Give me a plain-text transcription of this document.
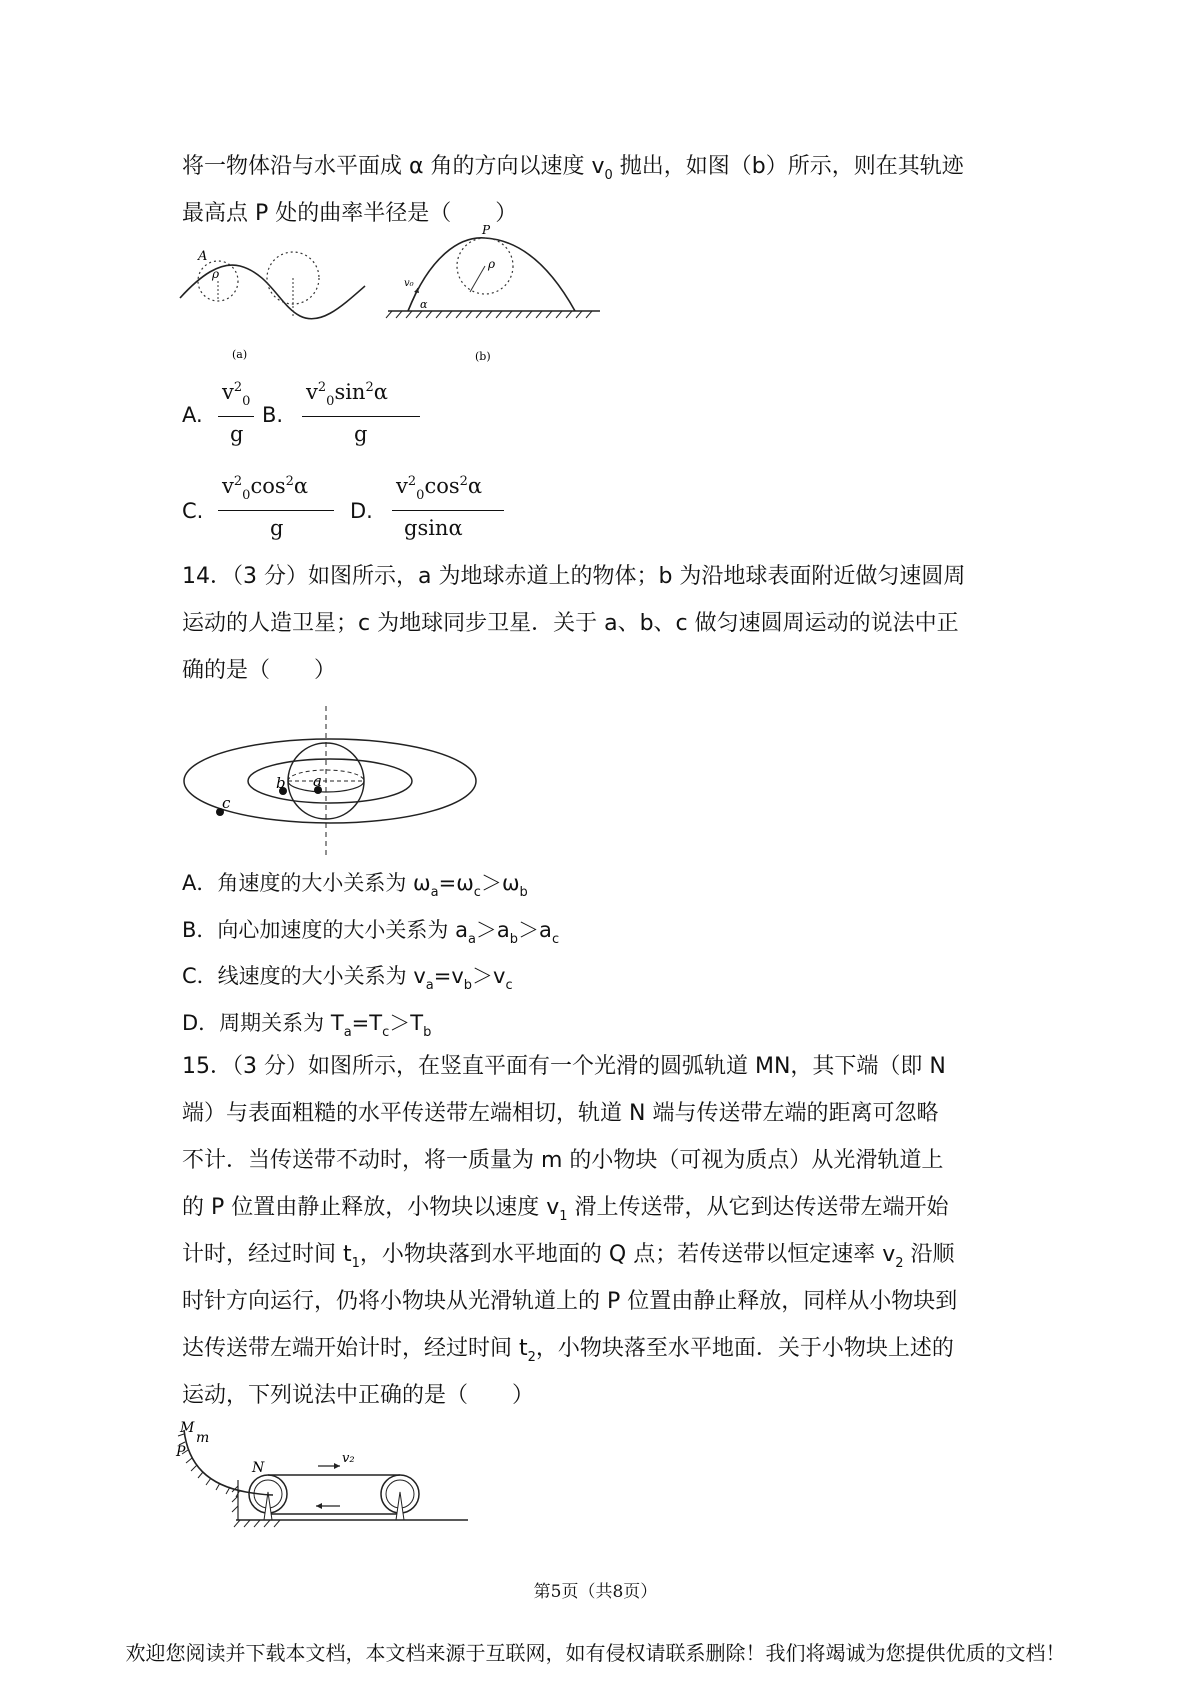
将一物体沿与水平面成 α 角的方向以速度 $v_0$ 抛出，如图（b）所示，则在其轨迹
最高点 P 处的曲率半径是（　　）
A
ρ
(a)
P
v₀
α
ρ
(b)
A.
$v^2_0$
g
B.
$v^2_0\sin^2\alpha$
g
C.
$v^2_0\cos^2\alpha$
g
D.
$v^2_0\cos^2\alpha$
gsinα
14．（3 分）如图所示，a 为地球赤道上的物体；b 为沿地球表面附近做匀速圆周
运动的人造卫星；c 为地球同步卫星．关于 a、b、c 做匀速圆周运动的说法中正
确的是（　　）
a
b
c
A．角速度的大小关系为 $\omega_a=\omega_c>\omega_b$
B．向心加速度的大小关系为 $a_a>a_b>a_c$
C．线速度的大小关系为 $v_a=v_b>v_c$
D．周期关系为 $T_a=T_c>T_b$
15．（3 分）如图所示，在竖直平面有一个光滑的圆弧轨道 MN，其下端（即 N
端）与表面粗糙的水平传送带左端相切，轨道 N 端与传送带左端的距离可忽略
不计．当传送带不动时，将一质量为 m 的小物块（可视为质点）从光滑轨道上
的 P 位置由静止释放，小物块以速度 $v_1$ 滑上传送带，从它到达传送带左端开始
计时，经过时间 $t_1$，小物块落到水平地面的 Q 点；若传送带以恒定速率 $v_2$ 沿顺
时针方向运行，仍将小物块从光滑轨道上的 P 位置由静止释放，同样从小物块到
达传送带左端开始计时，经过时间 $t_2$，小物块落至水平地面．关于小物块上述的
运动，下列说法中正确的是（　　）
M
m
P
N
v₂
第5页（共8页）
欢迎您阅读并下载本文档，本文档来源于互联网，如有侵权请联系删除！我们将竭诚为您提供优质的文档！
